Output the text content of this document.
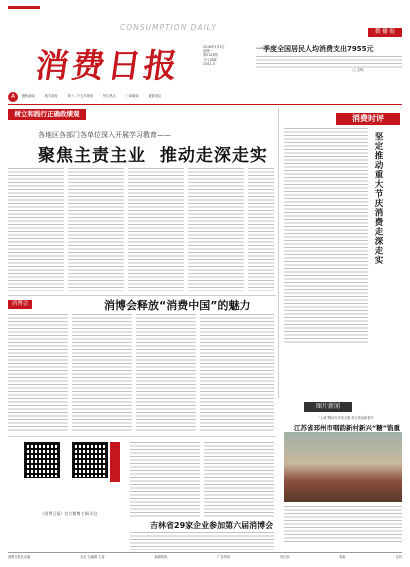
消费日报
CONSUMPTION DAILY
2016年3月2日
星期一
第5123期
今日16版
CN11-0
微 播 报
一季度全国居民人均消费支出7955元
（上文网）
A	聚焦新闻	地方政府	第十二个五年规划	每日热点	厂商新闻	最新消息
树立和践行正确政绩观
各地区各部门各单位深入开展学习教育——
聚焦主责主业  推动走深走实
消费时评
坚定推动重大节庆消费走深走实
消博会	消博会释放“消费中国”的魅力
图片新闻
“土味”陶坊办年货大街 村头美食新春节
江苏省邳州市咽韵新村新兴“糖”馅重
《消费日报》官方微博 扫码关注
吉林省29家企业参加第六届消博会
消费日报社出版	社长·总编辑 主管	新闻热线	广告热线	发行部	地址	定价
